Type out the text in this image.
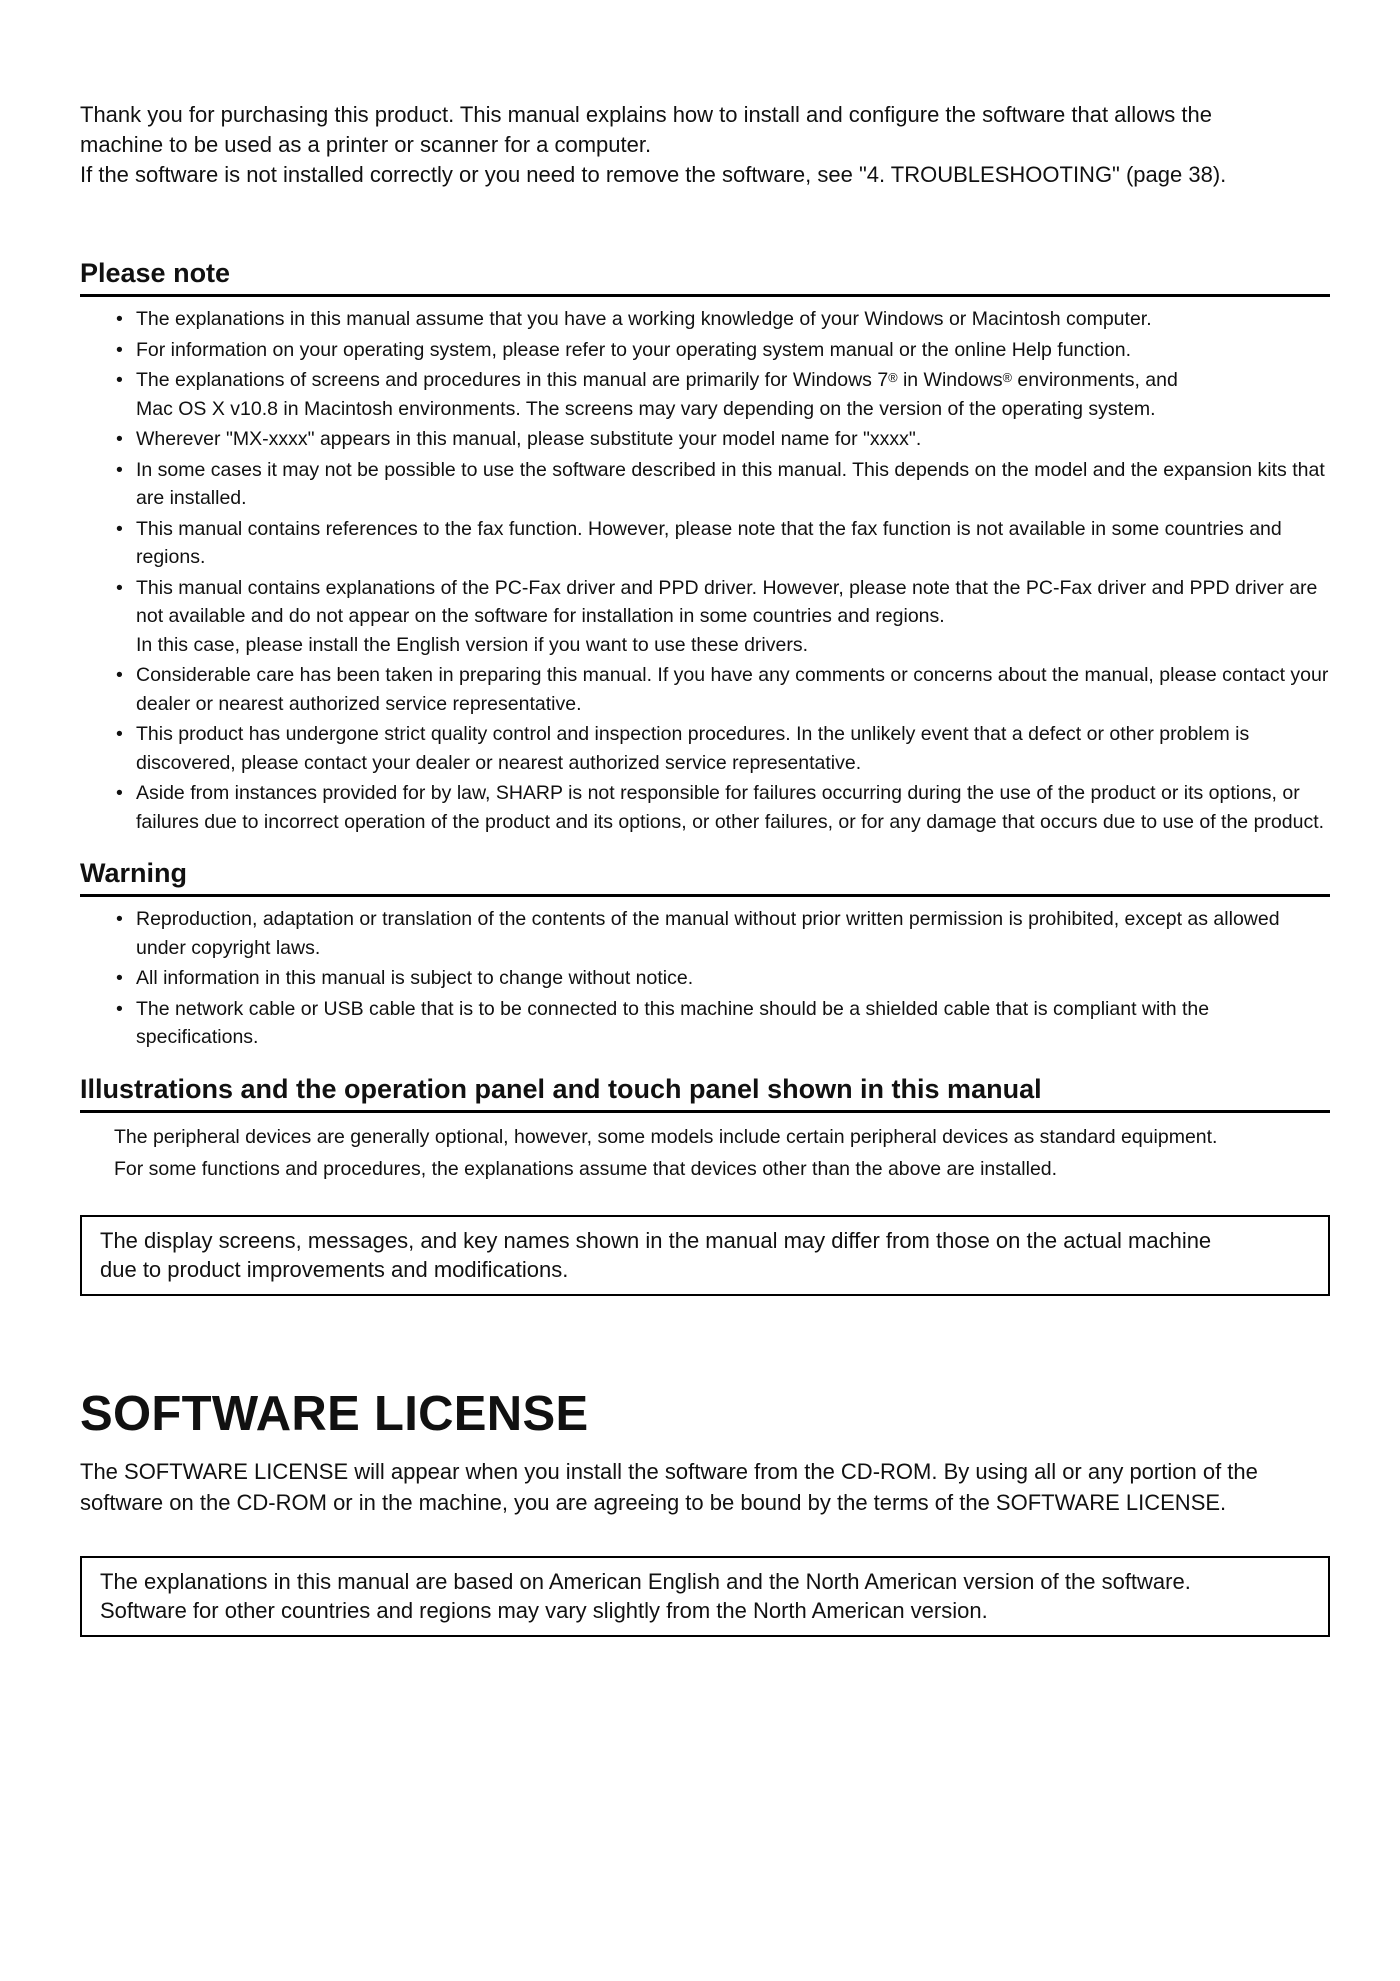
Thank you for purchasing this product. This manual explains how to install and configure the software that allows the

machine to be used as a printer or scanner for a computer.

If the software is not installed correctly or you need to remove the software, see "4. TROUBLESHOOTING" (page 38).

Please note
• The explanations in this manual assume that you have a working knowledge of your Windows or Macintosh computer.
• For information on your operating system, please refer to your operating system manual or the online Help function.
• The explanations of screens and procedures in this manual are primarily for Windows 7® in Windows® environments, and
Mac OS X v10.8 in Macintosh environments. The screens may vary depending on the version of the operating system.
• Wherever "MX-xxxx" appears in this manual, please substitute your model name for "xxxx".
• In some cases it may not be possible to use the software described in this manual. This depends on the model and the expansion kits that are installed.
• This manual contains references to the fax function. However, please note that the fax function is not available in some countries and regions.
• This manual contains explanations of the PC-Fax driver and PPD driver. However, please note that the PC-Fax driver and PPD driver are not available and do not appear on the software for installation in some countries and regions.
In this case, please install the English version if you want to use these drivers.
• Considerable care has been taken in preparing this manual. If you have any comments or concerns about the manual, please contact your dealer or nearest authorized service representative.
• This product has undergone strict quality control and inspection procedures. In the unlikely event that a defect or other problem is discovered, please contact your dealer or nearest authorized service representative.
• Aside from instances provided for by law, SHARP is not responsible for failures occurring during the use of the product or its options, or failures due to incorrect operation of the product and its options, or other failures, or for any damage that occurs due to use of the product.
Warning
• Reproduction, adaptation or translation of the contents of the manual without prior written permission is prohibited, except as allowed under copyright laws.
• All information in this manual is subject to change without notice.
• The network cable or USB cable that is to be connected to this machine should be a shielded cable that is compliant with the specifications.
Illustrations and the operation panel and touch panel shown in this manual

The peripheral devices are generally optional, however, some models include certain peripheral devices as standard equipment.

For some functions and procedures, the explanations assume that devices other than the above are installed.

The display screens, messages, and key names shown in the manual may differ from those on the actual machine

due to product improvements and modifications.

SOFTWARE LICENSE

The SOFTWARE LICENSE will appear when you install the software from the CD-ROM. By using all or any portion of the

software on the CD-ROM or in the machine, you are agreeing to be bound by the terms of the SOFTWARE LICENSE.

The explanations in this manual are based on American English and the North American version of the software.

Software for other countries and regions may vary slightly from the North American version.
